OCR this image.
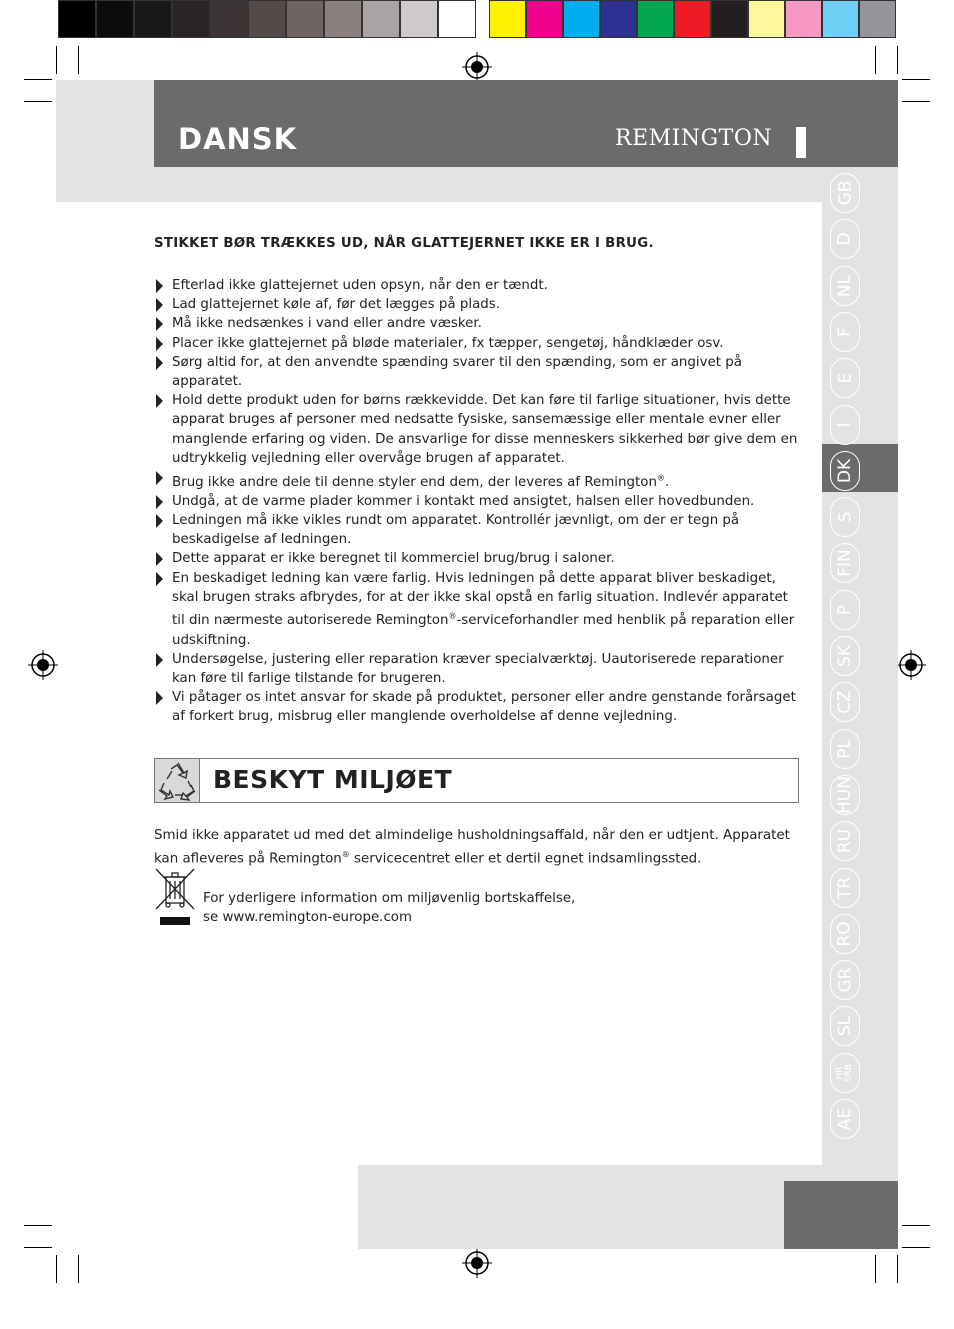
DANSK	REMINGTON
GB
D
NL
F
E
I
DK
S
FIN
P
SK
CZ
PL
HUN
RU
TR
RO
GR
SL
HR
SRB
AE
STIKKET BØR TRÆKKES UD, NÅR GLATTEJERNET IKKE ER I BRUG.
Efterlad ikke glattejernet uden opsyn, når den er tændt.
Lad glattejernet køle af, før det lægges på plads.
Må ikke nedsænkes i vand eller andre væsker.
Placer ikke glattejernet på bløde materialer, fx tæpper, sengetøj, håndklæder osv.
Sørg altid for, at den anvendte spænding svarer til den spænding, som er angivet på apparatet.
Hold dette produkt uden for børns rækkevidde. Det kan føre til farlige situationer, hvis dette apparat bruges af personer med nedsatte fysiske, sansemæssige eller mentale evner eller manglende erfaring og viden. De ansvarlige for disse menneskers sikkerhed bør give dem en udtrykkelig vejledning eller overvåge brugen af apparatet.
Brug ikke andre dele til denne styler end dem, der leveres af Remington®.
Undgå, at de varme plader kommer i kontakt med ansigtet, halsen eller hovedbunden.
Ledningen må ikke vikles rundt om apparatet. Kontrollér jævnligt, om der er tegn på beskadigelse af ledningen.
Dette apparat er ikke beregnet til kommerciel brug/brug i saloner.
En beskadiget ledning kan være farlig. Hvis ledningen på dette apparat bliver beskadiget, skal brugen straks afbrydes, for at der ikke skal opstå en farlig situation. Indlevér apparatet til din nærmeste autoriserede Remington®-serviceforhandler med henblik på reparation eller udskiftning.
Undersøgelse, justering eller reparation kræver specialværktøj. Uautoriserede reparationer kan føre til farlige tilstande for brugeren.
Vi påtager os intet ansvar for skade på produktet, personer eller andre genstande forårsaget af forkert brug, misbrug eller manglende overholdelse af denne vejledning.
BESKYT MILJØET
Smid ikke apparatet ud med det almindelige husholdningsaffald, når den er udtjent. Apparatet kan afleveres på Remington® servicecentret eller et dertil egnet indsamlingssted.
For yderligere information om miljøvenlig bortskaffelse,
se www.remington-europe.com
